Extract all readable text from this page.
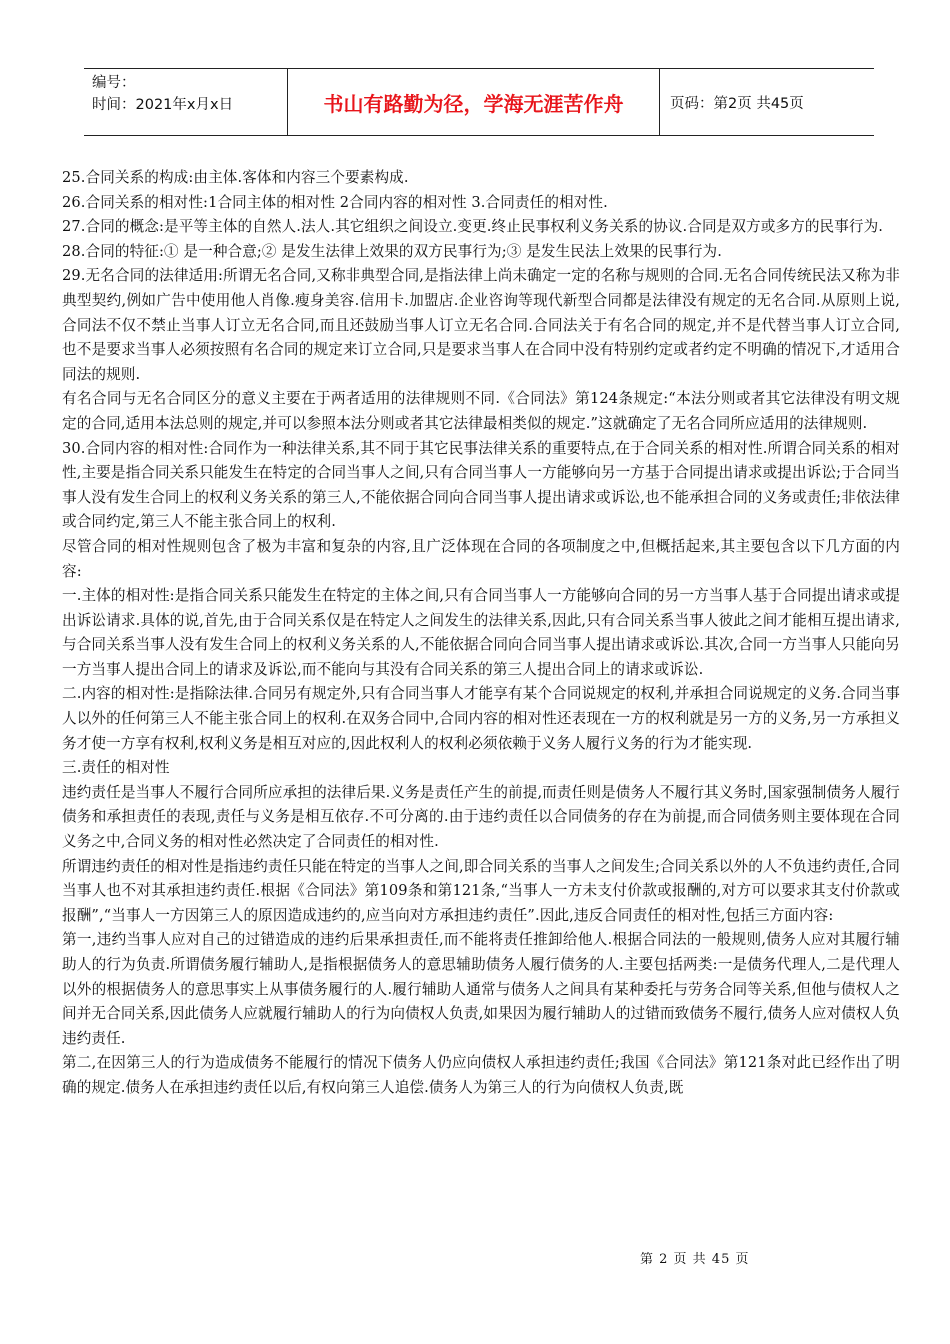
编号：
时间：2021年x月x日	书山有路勤为径，学海无涯苦作舟	页码：第2页 共45页

25.合同关系的构成:由主体.客体和内容三个要素构成.

26.合同关系的相对性:1合同主体的相对性 2合同内容的相对性 3.合同责任的相对性.

27.合同的概念:是平等主体的自然人.法人.其它组织之间设立.变更.终止民事权利义务关系的协议.合同是双方或多方的民事行为.

28.合同的特征:① 是一种合意;② 是发生法律上效果的双方民事行为;③ 是发生民法上效果的民事行为.

29.无名合同的法律适用:所谓无名合同,又称非典型合同,是指法律上尚未确定一定的名称与规则的合同.无名合同传统民法又称为非典型契约,例如广告中使用他人肖像.瘦身美容.信用卡.加盟店.企业咨询等现代新型合同都是法律没有规定的无名合同.从原则上说,合同法不仅不禁止当事人订立无名合同,而且还鼓励当事人订立无名合同.合同法关于有名合同的规定,并不是代替当事人订立合同,也不是要求当事人必须按照有名合同的规定来订立合同,只是要求当事人在合同中没有特别约定或者约定不明确的情况下,才适用合同法的规则.

有名合同与无名合同区分的意义主要在于两者适用的法律规则不同.《合同法》第124条规定:“本法分则或者其它法律没有明文规定的合同,适用本法总则的规定,并可以参照本法分则或者其它法律最相类似的规定.”这就确定了无名合同所应适用的法律规则.

30.合同内容的相对性:合同作为一种法律关系,其不同于其它民事法律关系的重要特点,在于合同关系的相对性.所谓合同关系的相对性,主要是指合同关系只能发生在特定的合同当事人之间,只有合同当事人一方能够向另一方基于合同提出请求或提出诉讼;于合同当事人没有发生合同上的权利义务关系的第三人,不能依据合同向合同当事人提出请求或诉讼,也不能承担合同的义务或责任;非依法律或合同约定,第三人不能主张合同上的权利.

尽管合同的相对性规则包含了极为丰富和复杂的内容,且广泛体现在合同的各项制度之中,但概括起来,其主要包含以下几方面的内容:

一.主体的相对性:是指合同关系只能发生在特定的主体之间,只有合同当事人一方能够向合同的另一方当事人基于合同提出请求或提出诉讼请求.具体的说,首先,由于合同关系仅是在特定人之间发生的法律关系,因此,只有合同关系当事人彼此之间才能相互提出请求,与合同关系当事人没有发生合同上的权利义务关系的人,不能依据合同向合同当事人提出请求或诉讼.其次,合同一方当事人只能向另一方当事人提出合同上的请求及诉讼,而不能向与其没有合同关系的第三人提出合同上的请求或诉讼.

二.内容的相对性:是指除法律.合同另有规定外,只有合同当事人才能享有某个合同说规定的权利,并承担合同说规定的义务.合同当事人以外的任何第三人不能主张合同上的权利.在双务合同中,合同内容的相对性还表现在一方的权利就是另一方的义务,另一方承担义务才使一方享有权利,权利义务是相互对应的,因此权利人的权利必须依赖于义务人履行义务的行为才能实现.

三.责任的相对性

违约责任是当事人不履行合同所应承担的法律后果.义务是责任产生的前提,而责任则是债务人不履行其义务时,国家强制债务人履行债务和承担责任的表现,责任与义务是相互依存.不可分离的.由于违约责任以合同债务的存在为前提,而合同债务则主要体现在合同义务之中,合同义务的相对性必然决定了合同责任的相对性.

所谓违约责任的相对性是指违约责任只能在特定的当事人之间,即合同关系的当事人之间发生;合同关系以外的人不负违约责任,合同当事人也不对其承担违约责任.根据《合同法》第109条和第121条,“当事人一方未支付价款或报酬的,对方可以要求其支付价款或报酬”,“当事人一方因第三人的原因造成违约的,应当向对方承担违约责任”.因此,违反合同责任的相对性,包括三方面内容:

第一,违约当事人应对自己的过错造成的违约后果承担责任,而不能将责任推卸给他人.根据合同法的一般规则,债务人应对其履行辅助人的行为负责.所谓债务履行辅助人,是指根据债务人的意思辅助债务人履行债务的人.主要包括两类:一是债务代理人,二是代理人以外的根据债务人的意思事实上从事债务履行的人.履行辅助人通常与债务人之间具有某种委托与劳务合同等关系,但他与债权人之间并无合同关系,因此债务人应就履行辅助人的行为向债权人负责,如果因为履行辅助人的过错而致债务不履行,债务人应对债权人负违约责任.

第二,在因第三人的行为造成债务不能履行的情况下债务人仍应向债权人承担违约责任;我国《合同法》第121条对此已经作出了明确的规定.债务人在承担违约责任以后,有权向第三人追偿.债务人为第三人的行为向债权人负责,既

第 2 页 共 45 页
